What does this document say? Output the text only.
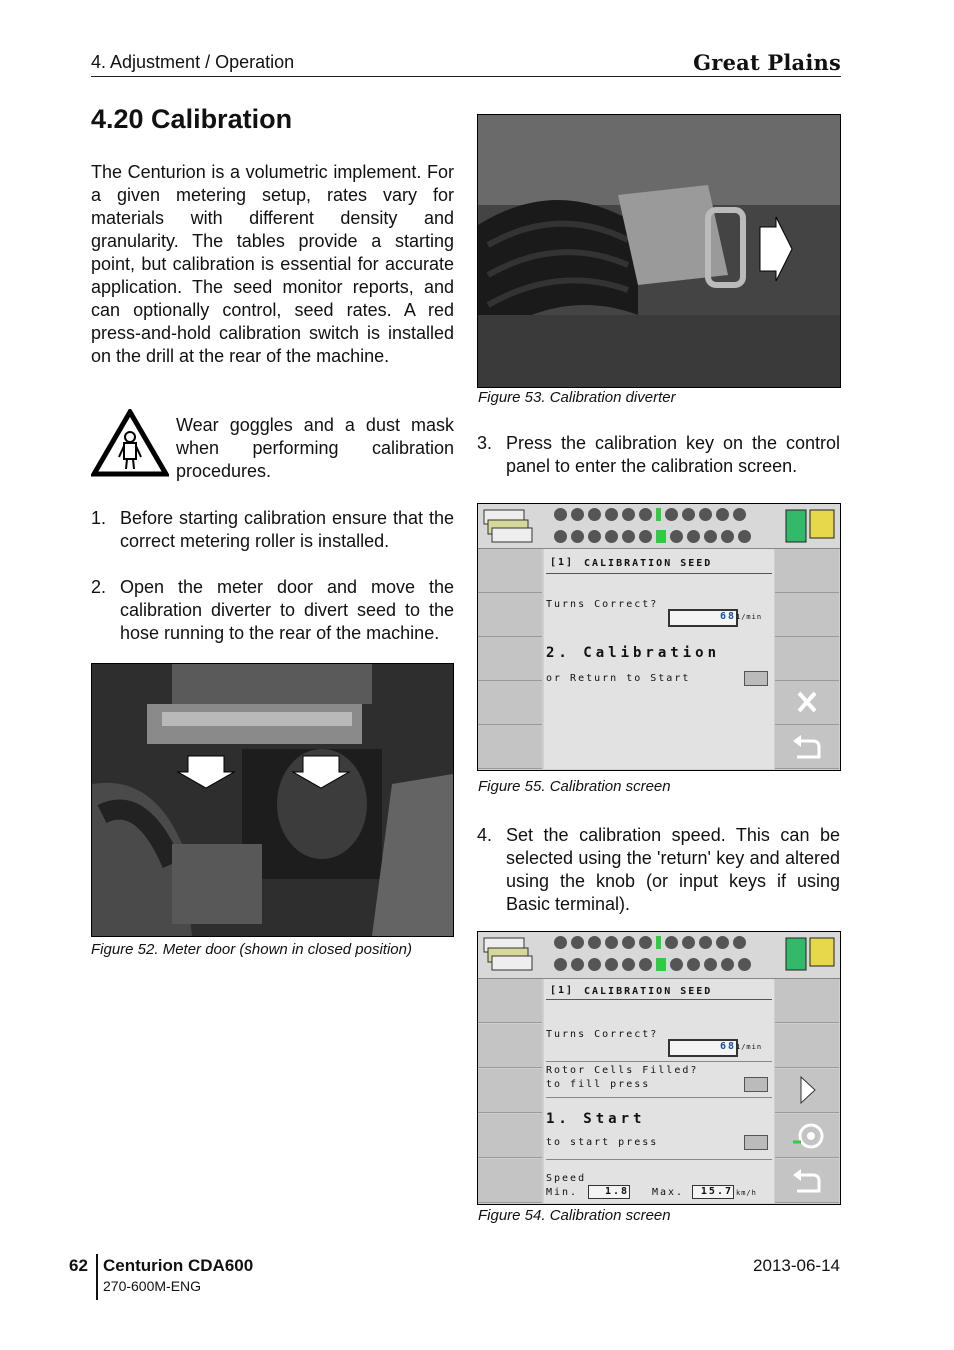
4. Adjustment / Operation	Great Plains
4.20 Calibration
The Centurion is a volumetric implement. For a given metering setup, rates vary for materials with different density and granularity. The tables provide a starting point, but calibration is essential for accurate application. The seed monitor reports, and can optionally control, seed rates. A red press-and-hold calibration switch is installed on the drill at the rear of the machine.
Wear goggles and a dust mask when performing calibration procedures.
1. Before starting calibration ensure that the correct metering roller is installed.
2. Open the meter door and move the calibration diverter to divert seed to the hose running to the rear of the machine.
Figure 52. Meter door (shown in closed position)
Figure 53. Calibration diverter
3. Press the calibration key on the control panel to enter the calibration screen.

[1] CALIBRATION SEED
Turns Correct?
68 1/min
2. Calibration
or Return to Start
Figure 55. Calibration screen
4. Set the calibration speed. This can be selected using the 'return' key and altered using the knob (or input keys if using Basic terminal).

[1] CALIBRATION SEED
Turns Correct?
68 1/min
Rotor Cells Filled?
to fill press
1. Start
to start press
Speed
Min.	1.8 Max.	15.7 km/h
Figure 54. Calibration screen
62 Centurion CDA600
270-600M-ENG
2013-06-14
